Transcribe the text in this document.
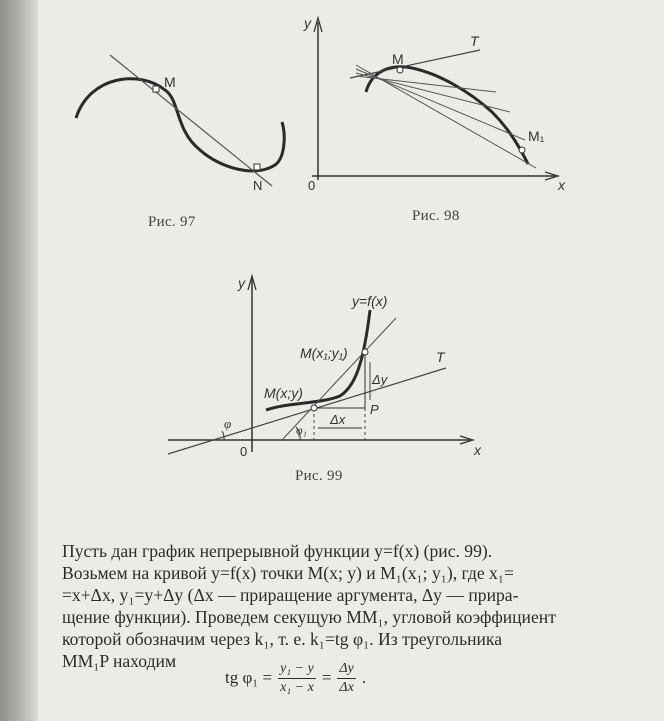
M
N
y
x
0
M
T
M₁
y
x
0
y=f(x)
M(x₁;y₁)
M(x;y)
T
Δy
Δx
P
φ	φ₁
Рис. 97	Рис. 98
Рис. 99
Пусть дан график непрерывной функции y=f(x) (рис. 99).
Возьмем на кривой y=f(x) точки M(x; y) и M₁(x₁; y₁), где x₁=
=x+Δx, y₁=y+Δy (Δx — приращение аргумента, Δy — прира-
щение функции). Проведем секущую MM₁, угловой коэффициент
которой обозначим через k₁, т. е. k₁=tg φ₁. Из треугольника
MM₁P находим
tg $\varphi_1 = \frac{\text{y₁ − y}}{\text{x₁ − x}} = \frac{\Delta y}{\Delta x}$ .
